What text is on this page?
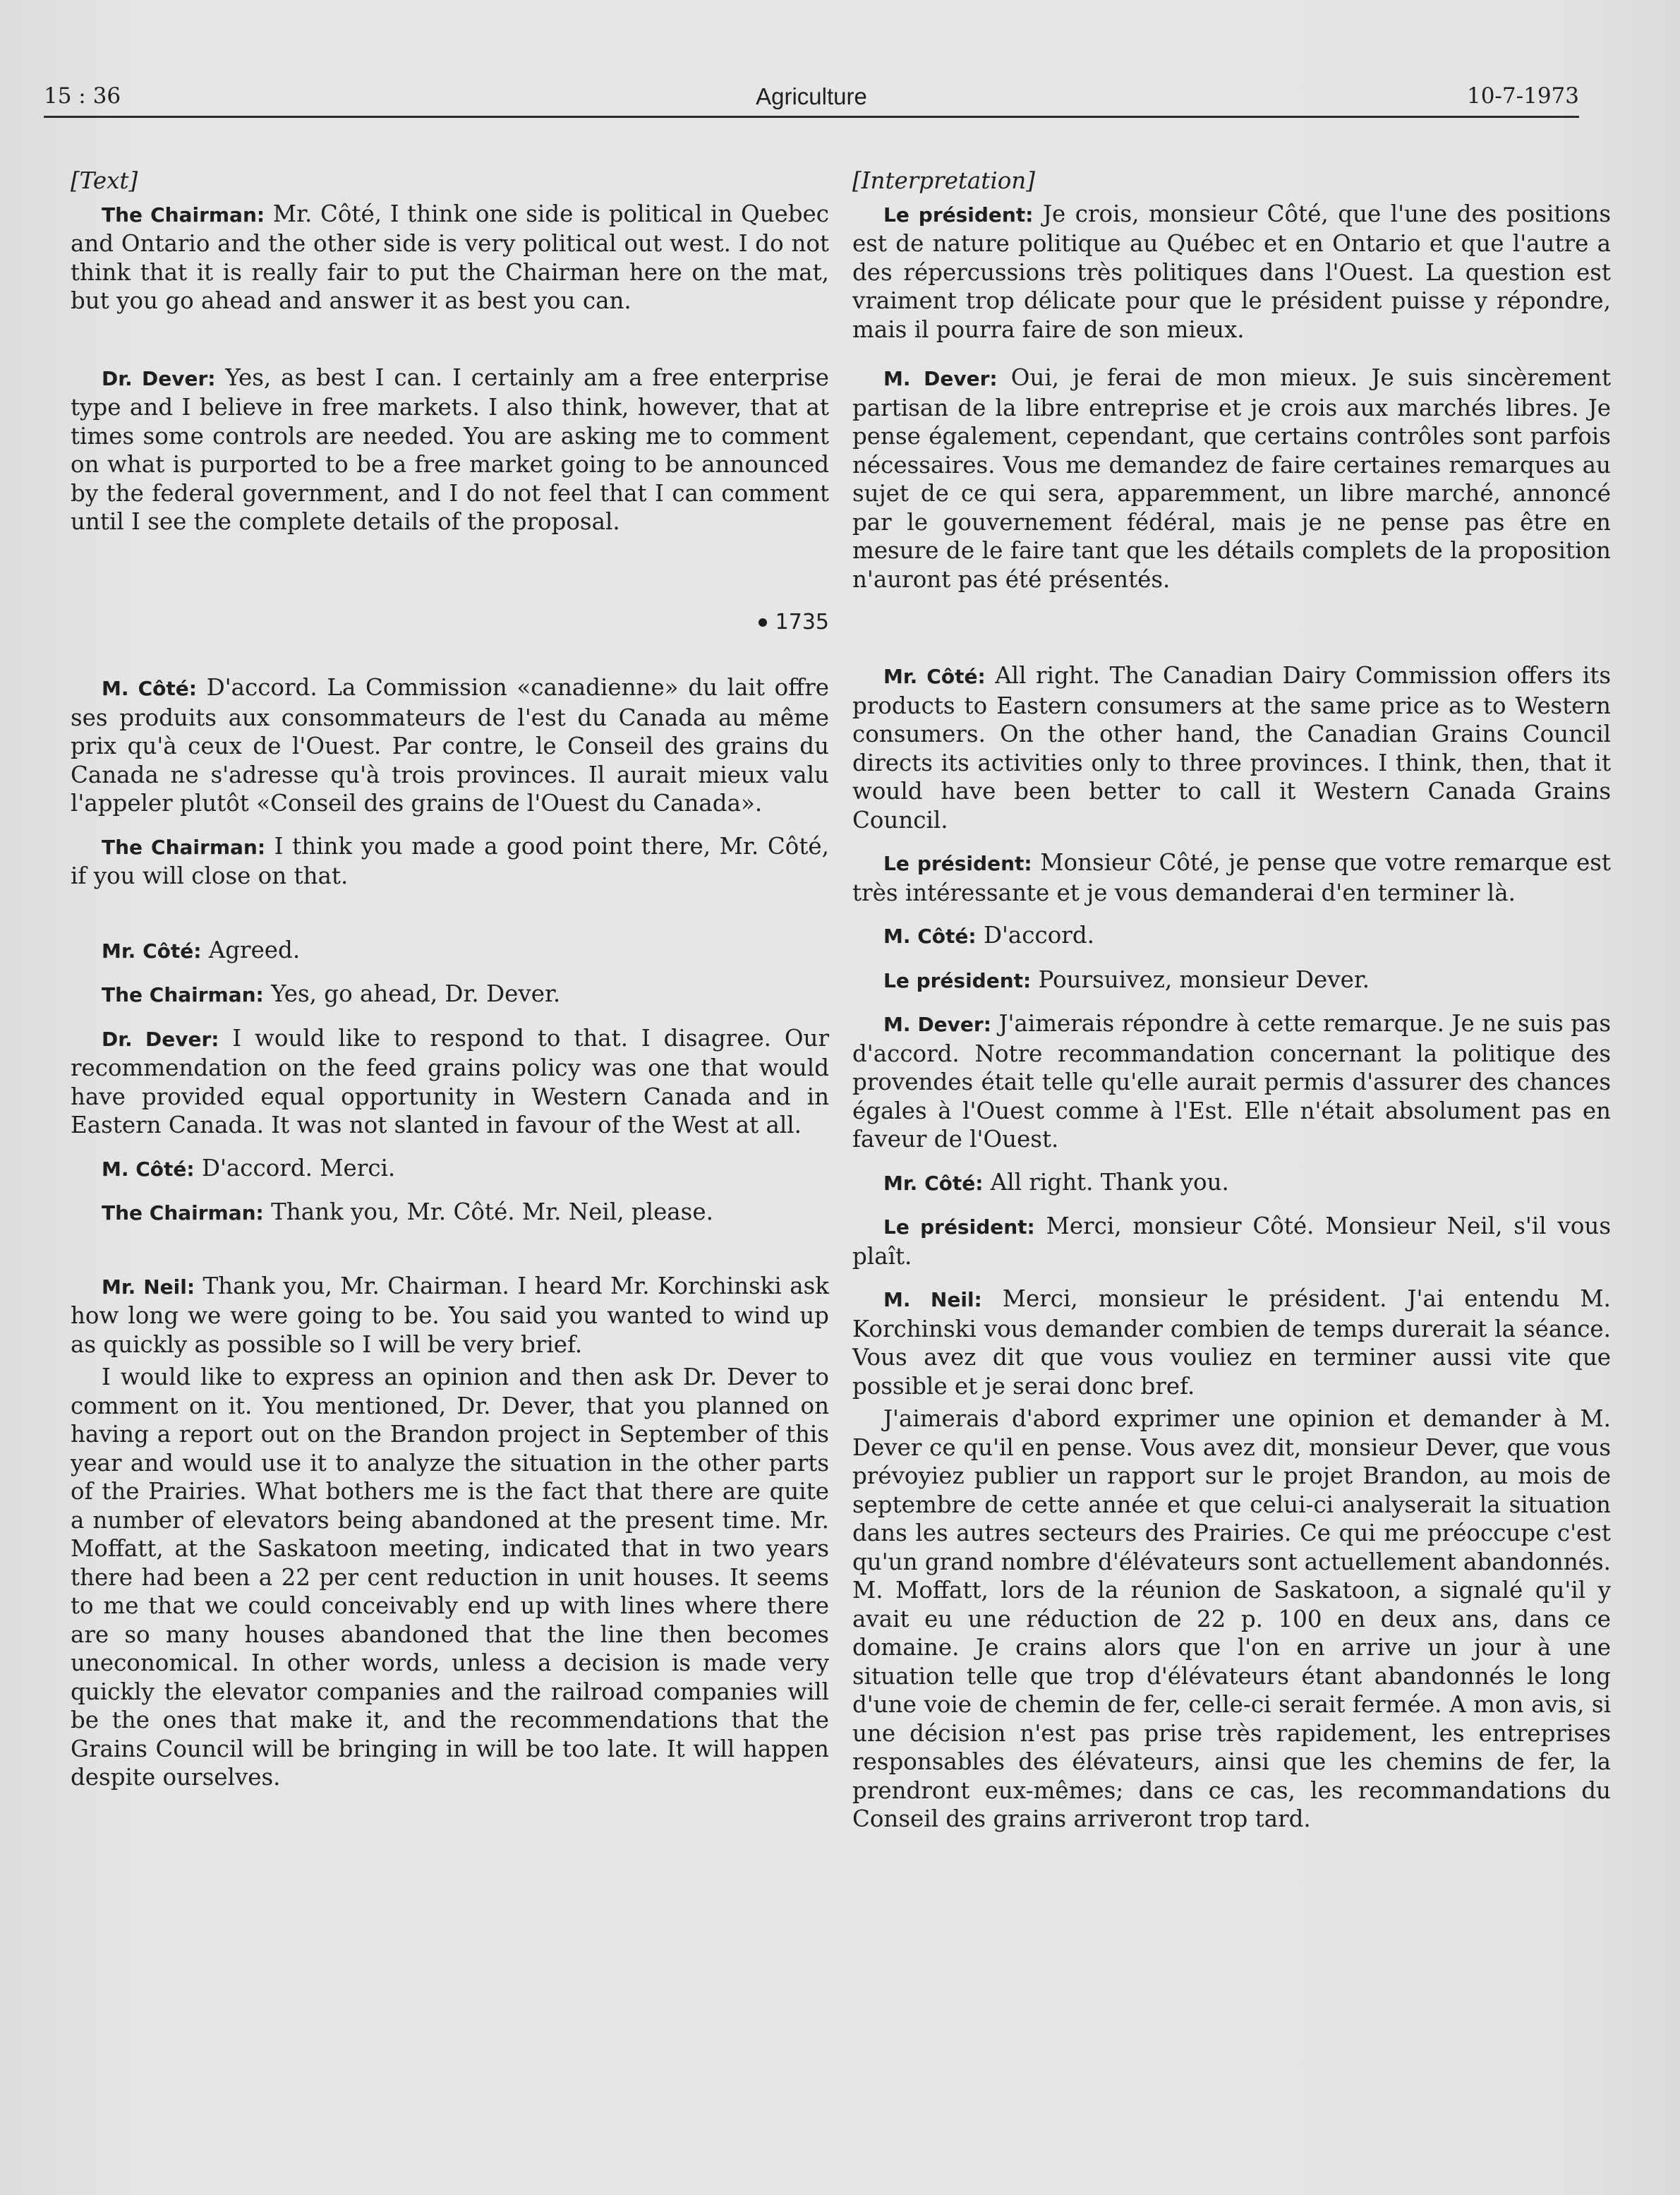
15 : 36	Agriculture	10-7-1973

[Text]

The Chairman: Mr. Côté, I think one side is political in Quebec and Ontario and the other side is very political out west. I do not think that it is really fair to put the Chairman here on the mat, but you go ahead and answer it as best you can.

Dr. Dever: Yes, as best I can. I certainly am a free enterprise type and I believe in free markets. I also think, however, that at times some controls are needed. You are asking me to comment on what is purported to be a free market going to be announced by the federal government, and I do not feel that I can comment until I see the complete details of the proposal.

1735

M. Côté: D'accord. La Commission «canadienne» du lait offre ses produits aux consommateurs de l'est du Canada au même prix qu'à ceux de l'Ouest. Par contre, le Conseil des grains du Canada ne s'adresse qu'à trois provinces. Il aurait mieux valu l'appeler plutôt «Conseil des grains de l'Ouest du Canada».

The Chairman: I think you made a good point there, Mr. Côté, if you will close on that.

Mr. Côté: Agreed.

The Chairman: Yes, go ahead, Dr. Dever.

Dr. Dever: I would like to respond to that. I disagree. Our recommendation on the feed grains policy was one that would have provided equal opportunity in Western Canada and in Eastern Canada. It was not slanted in favour of the West at all.

M. Côté: D'accord. Merci.

The Chairman: Thank you, Mr. Côté. Mr. Neil, please.

Mr. Neil: Thank you, Mr. Chairman. I heard Mr. Korchinski ask how long we were going to be. You said you wanted to wind up as quickly as possible so I will be very brief.

I would like to express an opinion and then ask Dr. Dever to comment on it. You mentioned, Dr. Dever, that you planned on having a report out on the Brandon project in September of this year and would use it to analyze the situation in the other parts of the Prairies. What bothers me is the fact that there are quite a number of elevators being abandoned at the present time. Mr. Moffatt, at the Saskatoon meeting, indicated that in two years there had been a 22 per cent reduction in unit houses. It seems to me that we could conceivably end up with lines where there are so many houses abandoned that the line then becomes uneconomical. In other words, unless a decision is made very quickly the elevator companies and the railroad companies will be the ones that make it, and the recommendations that the Grains Council will be bringing in will be too late. It will happen despite ourselves.

[Interpretation]

Le président: Je crois, monsieur Côté, que l'une des positions est de nature politique au Québec et en Ontario et que l'autre a des répercussions très politiques dans l'Ouest. La question est vraiment trop délicate pour que le président puisse y répondre, mais il pourra faire de son mieux.

M. Dever: Oui, je ferai de mon mieux. Je suis sincèrement partisan de la libre entreprise et je crois aux marchés libres. Je pense également, cependant, que certains contrôles sont parfois nécessaires. Vous me demandez de faire certaines remarques au sujet de ce qui sera, apparemment, un libre marché, annoncé par le gouvernement fédéral, mais je ne pense pas être en mesure de le faire tant que les détails complets de la proposition n'auront pas été présentés.

Mr. Côté: All right. The Canadian Dairy Commission offers its products to Eastern consumers at the same price as to Western consumers. On the other hand, the Canadian Grains Council directs its activities only to three provinces. I think, then, that it would have been better to call it Western Canada Grains Council.

Le président: Monsieur Côté, je pense que votre remarque est très intéressante et je vous demanderai d'en terminer là.

M. Côté: D'accord.

Le président: Poursuivez, monsieur Dever.

M. Dever: J'aimerais répondre à cette remarque. Je ne suis pas d'accord. Notre recommandation concernant la politique des provendes était telle qu'elle aurait permis d'assurer des chances égales à l'Ouest comme à l'Est. Elle n'était absolument pas en faveur de l'Ouest.

Mr. Côté: All right. Thank you.

Le président: Merci, monsieur Côté. Monsieur Neil, s'il vous plaît.

M. Neil: Merci, monsieur le président. J'ai entendu M. Korchinski vous demander combien de temps durerait la séance. Vous avez dit que vous vouliez en terminer aussi vite que possible et je serai donc bref.

J'aimerais d'abord exprimer une opinion et demander à M. Dever ce qu'il en pense. Vous avez dit, monsieur Dever, que vous prévoyiez publier un rapport sur le projet Brandon, au mois de septembre de cette année et que celui-ci analyserait la situation dans les autres secteurs des Prairies. Ce qui me préoccupe c'est qu'un grand nombre d'élévateurs sont actuellement abandonnés. M. Moffatt, lors de la réunion de Saskatoon, a signalé qu'il y avait eu une réduction de 22 p. 100 en deux ans, dans ce domaine. Je crains alors que l'on en arrive un jour à une situation telle que trop d'élévateurs étant abandonnés le long d'une voie de chemin de fer, celle-ci serait fermée. A mon avis, si une décision n'est pas prise très rapidement, les entreprises responsables des élévateurs, ainsi que les chemins de fer, la prendront eux-mêmes; dans ce cas, les recommandations du Conseil des grains arriveront trop tard.
